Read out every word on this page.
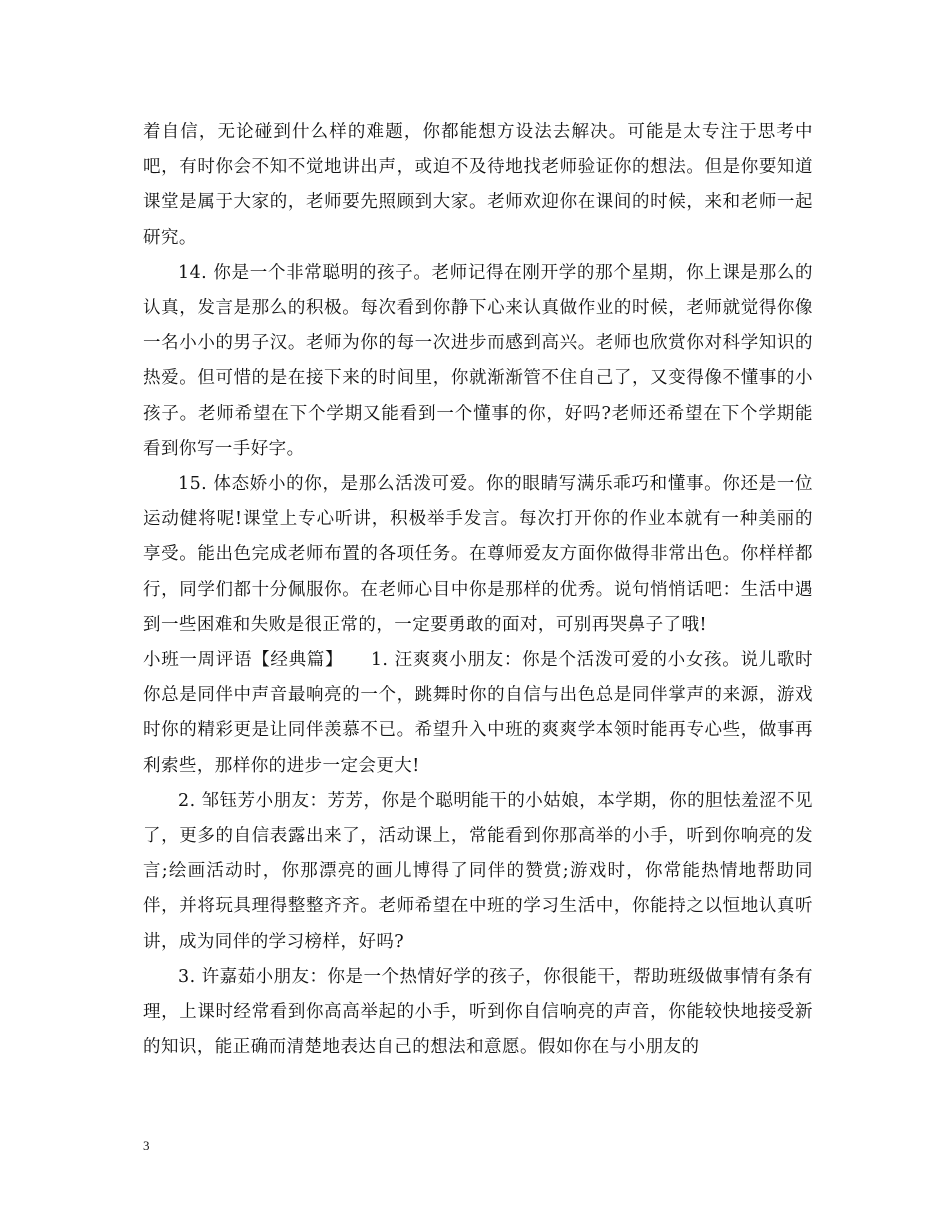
着自信，无论碰到什么样的难题，你都能想方设法去解决。可能是太专注于思考中吧，有时你会不知不觉地讲出声，或迫不及待地找老师验证你的想法。但是你要知道课堂是属于大家的，老师要先照顾到大家。老师欢迎你在课间的时候，来和老师一起研究。

14. 你是一个非常聪明的孩子。老师记得在刚开学的那个星期，你上课是那么的认真，发言是那么的积极。每次看到你静下心来认真做作业的时候，老师就觉得你像一名小小的男子汉。老师为你的每一次进步而感到高兴。老师也欣赏你对科学知识的热爱。但可惜的是在接下来的时间里，你就渐渐管不住自己了，又变得像不懂事的小孩子。老师希望在下个学期又能看到一个懂事的你，好吗?老师还希望在下个学期能看到你写一手好字。

15. 体态娇小的你，是那么活泼可爱。你的眼睛写满乐乖巧和懂事。你还是一位运动健将呢!课堂上专心听讲，积极举手发言。每次打开你的作业本就有一种美丽的享受。能出色完成老师布置的各项任务。在尊师爱友方面你做得非常出色。你样样都行，同学们都十分佩服你。在老师心目中你是那样的优秀。说句悄悄话吧：生活中遇到一些困难和失败是很正常的，一定要勇敢的面对，可别再哭鼻子了哦!

小班一周评语【经典篇】　　1. 汪爽爽小朋友：你是个活泼可爱的小女孩。说儿歌时你总是同伴中声音最响亮的一个，跳舞时你的自信与出色总是同伴掌声的来源，游戏时你的精彩更是让同伴羡慕不已。希望升入中班的爽爽学本领时能再专心些，做事再利索些，那样你的进步一定会更大!

2. 邹钰芳小朋友：芳芳，你是个聪明能干的小姑娘，本学期，你的胆怯羞涩不见了，更多的自信表露出来了，活动课上，常能看到你那高举的小手，听到你响亮的发言;绘画活动时，你那漂亮的画儿博得了同伴的赞赏;游戏时，你常能热情地帮助同伴，并将玩具理得整整齐齐。老师希望在中班的学习生活中，你能持之以恒地认真听讲，成为同伴的学习榜样，好吗?

3. 许嘉茹小朋友：你是一个热情好学的孩子，你很能干，帮助班级做事情有条有理，上课时经常看到你高高举起的小手，听到你自信响亮的声音，你能较快地接受新的知识，能正确而清楚地表达自己的想法和意愿。假如你在与小朋友的

3
